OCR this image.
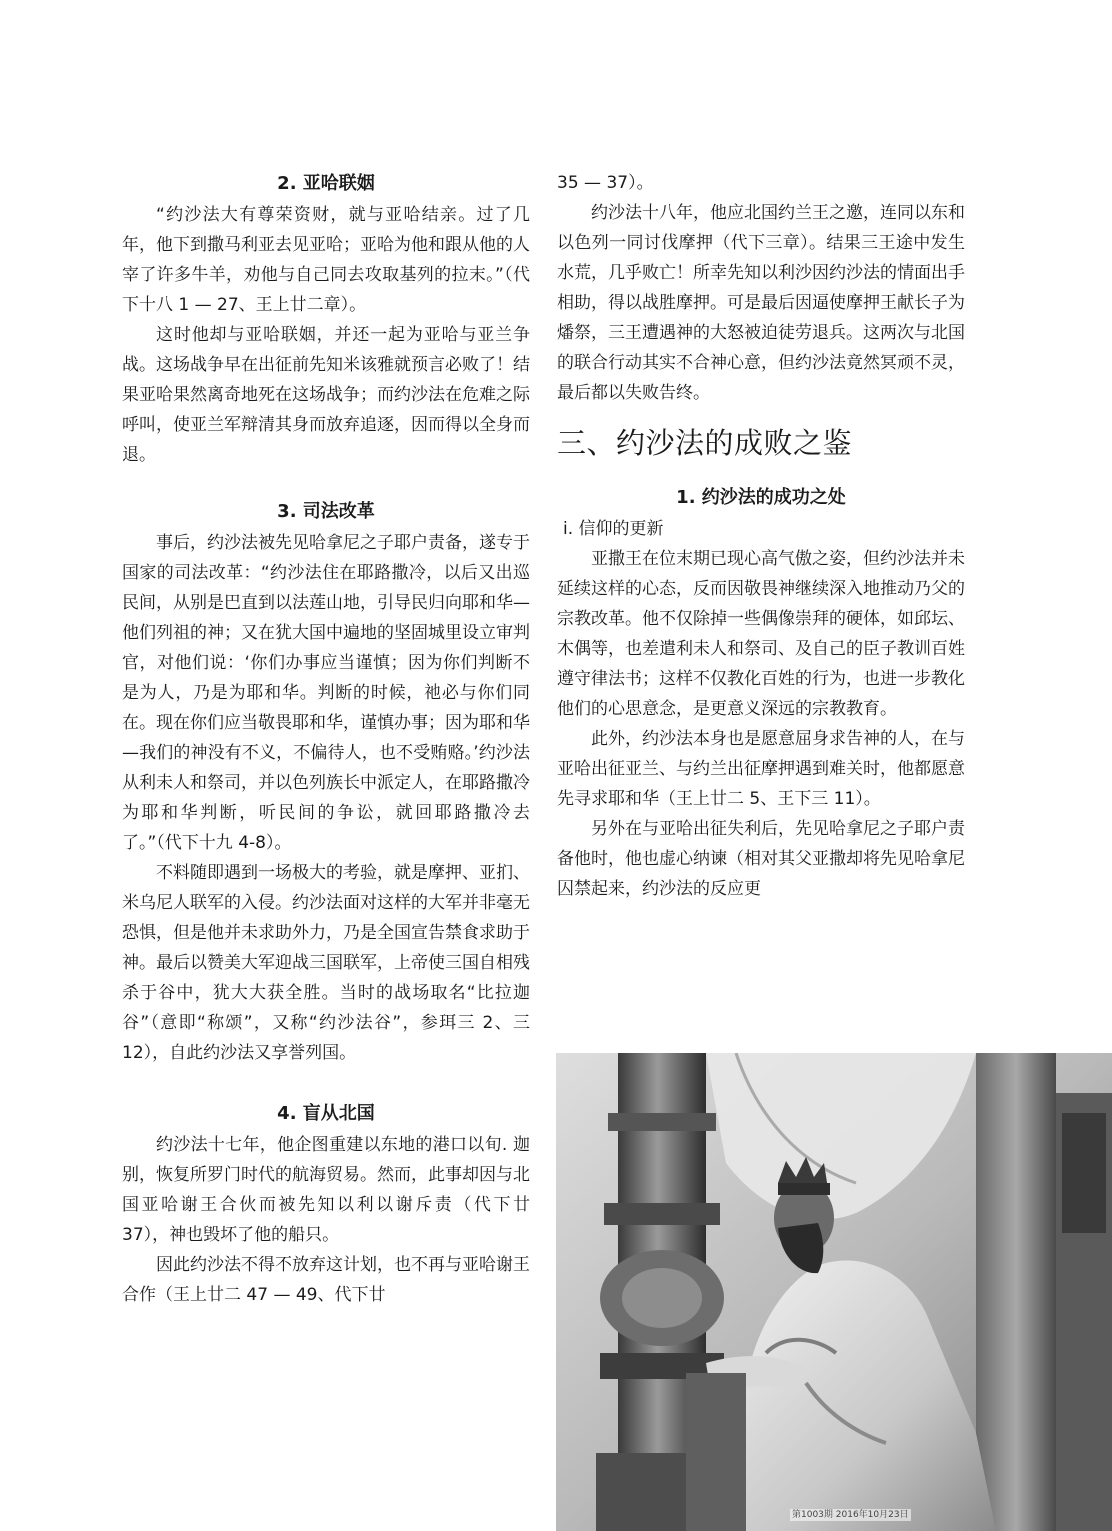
2. 亚哈联姻

“约沙法大有尊荣资财，就与亚哈结亲。过了几年，他下到撒马利亚去见亚哈；亚哈为他和跟从他的人宰了许多牛羊，劝他与自己同去攻取基列的拉末。”（代下十八 1 — 27、王上廿二章）。

这时他却与亚哈联姻，并还一起为亚哈与亚兰争战。这场战争早在出征前先知米该雅就预言必败了！结果亚哈果然离奇地死在这场战争；而约沙法在危难之际呼叫，使亚兰军辩清其身而放弃追逐，因而得以全身而退。

3. 司法改革

事后，约沙法被先见哈拿尼之子耶户责备，遂专于国家的司法改革：“约沙法住在耶路撒冷，以后又出巡民间，从别是巴直到以法莲山地，引导民归向耶和华—他们列祖的神；又在犹大国中遍地的坚固城里设立审判官，对他们说：‘你们办事应当谨慎；因为你们判断不是为人，乃是为耶和华。判断的时候，祂必与你们同在。现在你们应当敬畏耶和华，谨慎办事；因为耶和华—我们的神没有不义，不偏待人，也不受贿赂。’约沙法从利未人和祭司，并以色列族长中派定人，在耶路撒冷为耶和华判断，听民间的争讼，就回耶路撒冷去了。”（代下十九 4-8）。

不料随即遇到一场极大的考验，就是摩押、亚扪、米乌尼人联军的入侵。约沙法面对这样的大军并非毫无恐惧，但是他并未求助外力，乃是全国宣告禁食求助于神。最后以赞美大军迎战三国联军，上帝使三国自相残杀于谷中，犹大大获全胜。当时的战场取名“比拉迦谷”（意即“称颂”，又称“约沙法谷”，参珥三 2、三 12），自此约沙法又享誉列国。

4. 盲从北国

约沙法十七年，他企图重建以东地的港口以旬. 迦别，恢复所罗门时代的航海贸易。然而，此事却因与北国亚哈谢王合伙而被先知以利以谢斥责（代下廿 37），神也毁坏了他的船只。

因此约沙法不得不放弃这计划，也不再与亚哈谢王合作（王上廿二 47 — 49、代下廿

35 — 37）。

约沙法十八年，他应北国约兰王之邀，连同以东和以色列一同讨伐摩押（代下三章）。结果三王途中发生水荒，几乎败亡！所幸先知以利沙因约沙法的情面出手相助，得以战胜摩押。可是最后因逼使摩押王献长子为燔祭，三王遭遇神的大怒被迫徒劳退兵。这两次与北国的联合行动其实不合神心意，但约沙法竟然冥顽不灵，最后都以失败告终。

三、约沙法的成败之鉴
1. 约沙法的成功之处
i. 信仰的更新

亚撒王在位末期已现心高气傲之姿，但约沙法并未延续这样的心态，反而因敬畏神继续深入地推动乃父的宗教改革。他不仅除掉一些偶像崇拜的硬体，如邱坛、木偶等，也差遣利未人和祭司、及自己的臣子教训百姓遵守律法书；这样不仅教化百姓的行为，也进一步教化他们的心思意念，是更意义深远的宗教教育。

此外，约沙法本身也是愿意屈身求告神的人，在与亚哈出征亚兰、与约兰出征摩押遇到难关时，他都愿意先寻求耶和华（王上廿二 5、王下三 11）。

另外在与亚哈出征失利后，先见哈拿尼之子耶户责备他时，他也虚心纳谏（相对其父亚撒却将先见哈拿尼囚禁起来，约沙法的反应更

第1003期 2016年10月23日
